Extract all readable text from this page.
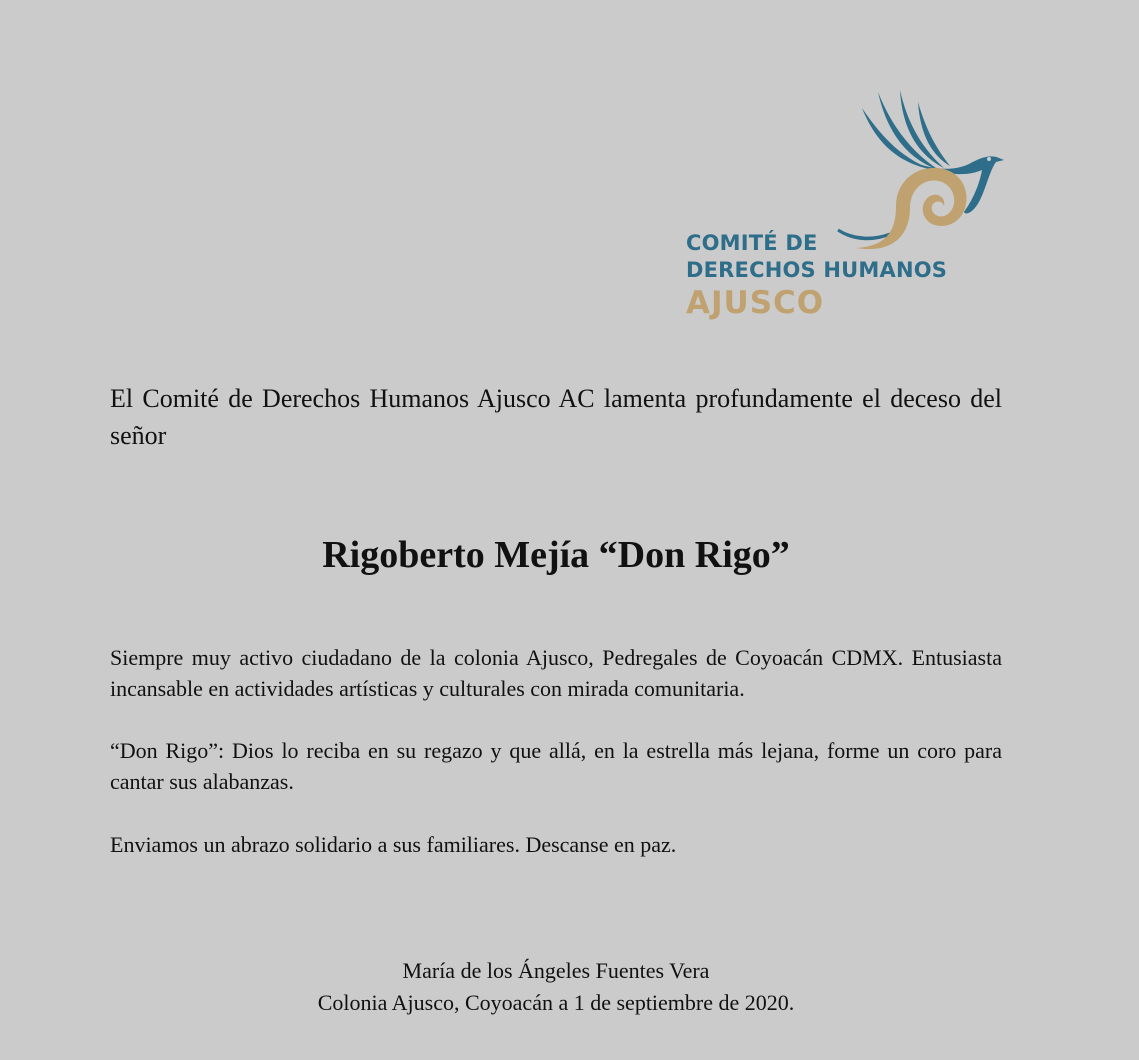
COMITÉ DE
DERECHOS HUMANOS
AJUSCO

El Comité de Derechos Humanos Ajusco AC lamenta profundamente el deceso del señor

Rigoberto Mejía “Don Rigo”

Siempre muy activo ciudadano de la colonia Ajusco, Pedregales de Coyoacán CDMX. Entusiasta incansable en actividades artísticas y culturales con mirada comunitaria.

“Don Rigo”: Dios lo reciba en su regazo y que allá, en la estrella más lejana, forme un coro para cantar sus alabanzas.

Enviamos un abrazo solidario a sus familiares. Descanse en paz.

María de los Ángeles Fuentes Vera
Colonia Ajusco, Coyoacán a 1 de septiembre de 2020.
